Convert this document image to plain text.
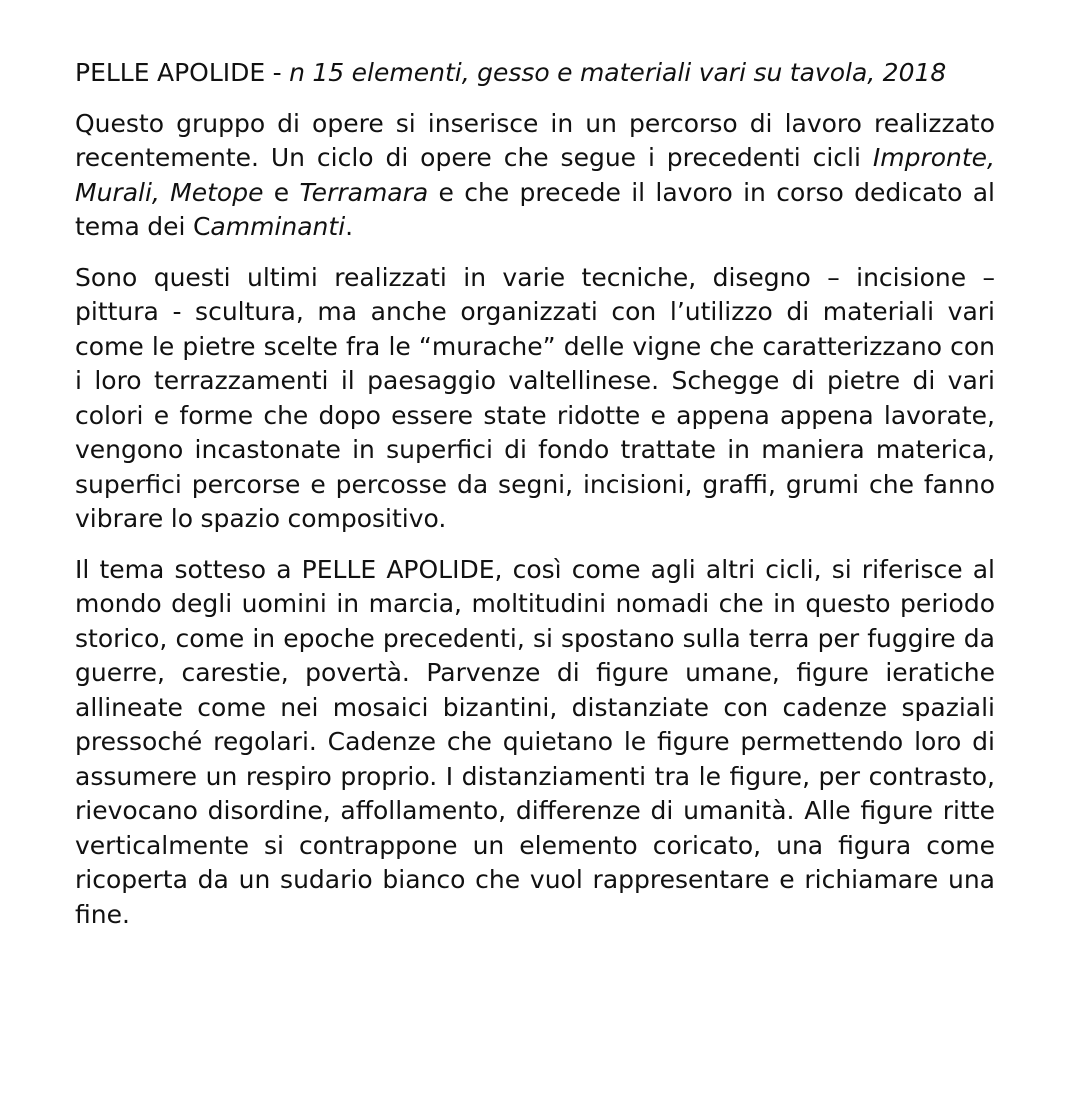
PELLE APOLIDE - n 15 elementi, gesso e materiali vari su tavola, 2018

Questo gruppo di opere si inserisce in un percorso di lavoro realizzato recentemente. Un ciclo di opere che segue i precedenti cicli Impronte, Murali, Metope e Terramara e che precede il lavoro in corso dedicato al tema dei Camminanti.

Sono questi ultimi realizzati in varie tecniche, disegno – incisione – pittura - scultura, ma anche organizzati con l’utilizzo di materiali vari come le pietre scelte fra le “murache” delle vigne che caratterizzano con i loro terrazzamenti il paesaggio valtellinese. Schegge di pietre di vari colori e forme che dopo essere state ridotte e appena appena lavorate, vengono incastonate in superfici di fondo trattate in maniera materica, superfici percorse e percosse da segni, incisioni, graffi, grumi che fanno vibrare lo spazio compositivo.

Il tema sotteso a PELLE APOLIDE, così come agli altri cicli, si riferisce al mondo degli uomini in marcia, moltitudini nomadi che in questo periodo storico, come in epoche precedenti, si spostano sulla terra per fuggire da guerre, carestie, povertà. Parvenze di figure umane, figure ieratiche allineate come nei mosaici bizantini, distanziate con cadenze spaziali pressoché regolari. Cadenze che quietano le figure permettendo loro di assumere un respiro proprio. I distanziamenti tra le figure, per contrasto, rievocano disordine, affollamento, differenze di umanità. Alle figure ritte verticalmente si contrappone un elemento coricato, una figura come ricoperta da un sudario bianco che vuol rappresentare e richiamare una fine.
